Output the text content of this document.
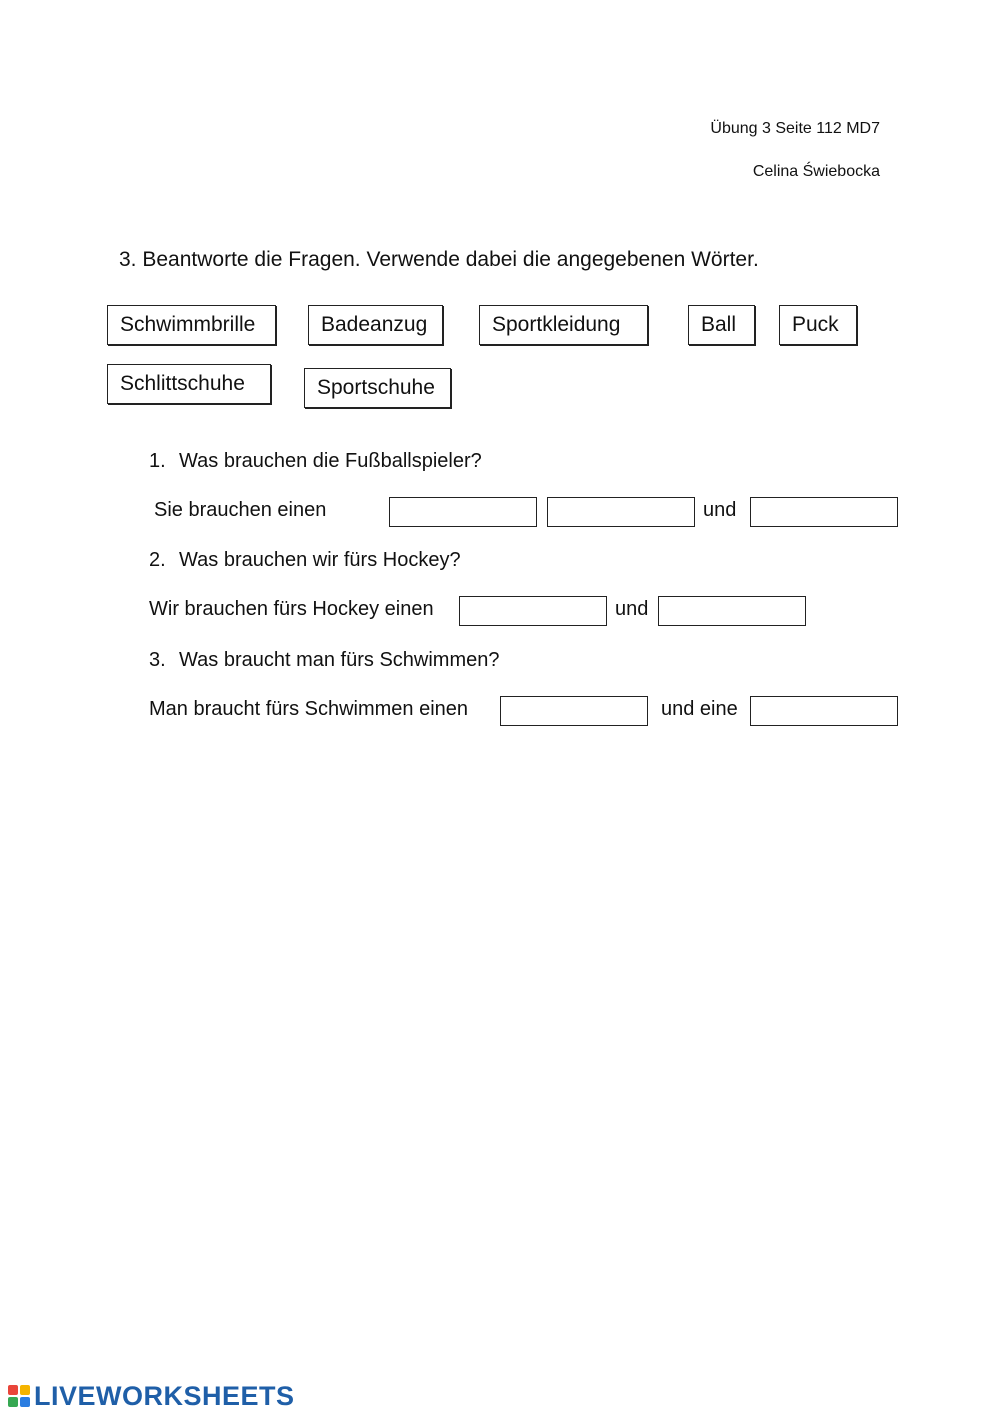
Übung 3 Seite 112 MD7
Celina Świebocka
3. Beantworte die Fragen. Verwende dabei die angegebenen Wörter.
Schwimmbrille	Badeanzug	Sportkleidung	Ball	Puck
Schlittschuhe	Sportschuhe
1. Was brauchen die Fußballspieler?
Sie brauchen einen	und
2. Was brauchen wir fürs Hockey?
Wir brauchen fürs Hockey einen	und
3. Was braucht man fürs Schwimmen?
Man braucht fürs Schwimmen einen	und eine
LIVEWORKSHEETS
